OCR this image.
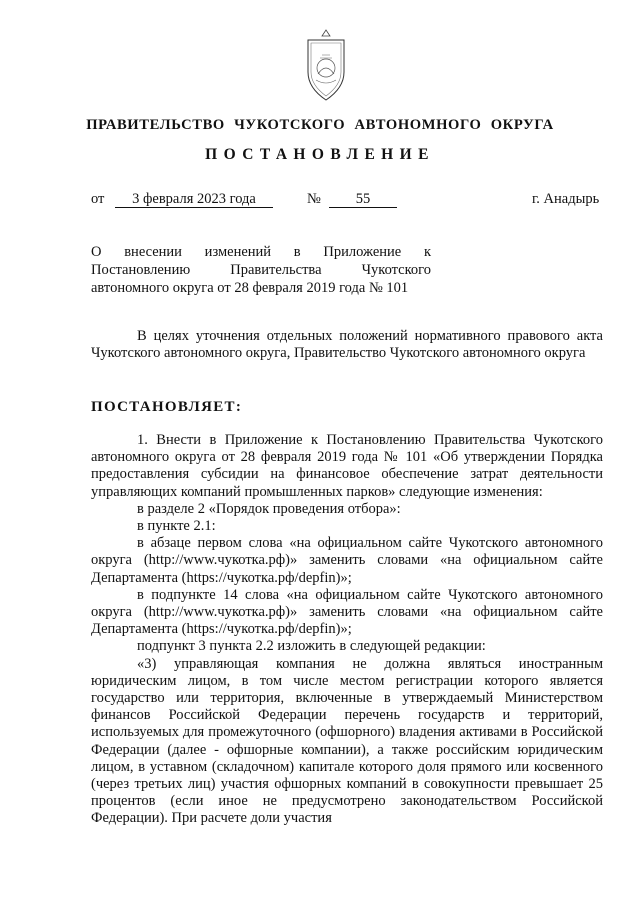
ПРАВИТЕЛЬСТВО ЧУКОТСКОГО АВТОНОМНОГО ОКРУГА
ПОСТАНОВЛЕНИЕ
от	3 февраля 2023 года	№	55	г. Анадырь
О внесении изменений в Приложение к
Постановлению Правительства Чукотского
автономного округа от 28 февраля 2019 года № 101

В целях уточнения отдельных положений нормативного правового акта Чукотского автономного округа, Правительство Чукотского автономного округа

ПОСТАНОВЛЯЕТ:

1. Внести в Приложение к Постановлению Правительства Чукотского автономного округа от 28 февраля 2019 года № 101 «Об утверждении Порядка предоставления субсидии на финансовое обеспечение затрат деятельности управляющих компаний промышленных парков» следующие изменения:

в разделе 2 «Порядок проведения отбора»:

в пункте 2.1:

в абзаце первом слова «на официальном сайте Чукотского автономного округа (http://www.чукотка.рф)» заменить словами «на официальном сайте Департамента (https://чукотка.рф/depfin)»;

в подпункте 14 слова «на официальном сайте Чукотского автономного округа (http://www.чукотка.рф)» заменить словами «на официальном сайте Департамента (https://чукотка.рф/depfin)»;

подпункт 3 пункта 2.2 изложить в следующей редакции:

«3) управляющая компания не должна являться иностранным юридическим лицом, в том числе местом регистрации которого является государство или территория, включенные в утверждаемый Министерством финансов Российской Федерации перечень государств и территорий, используемых для промежуточного (офшорного) владения активами в Российской Федерации (далее - офшорные компании), а также российским юридическим лицом, в уставном (складочном) капитале которого доля прямого или косвенного (через третьих лиц) участия офшорных компаний в совокупности превышает 25 процентов (если иное не предусмотрено законодательством Российской Федерации). При расчете доли участия
